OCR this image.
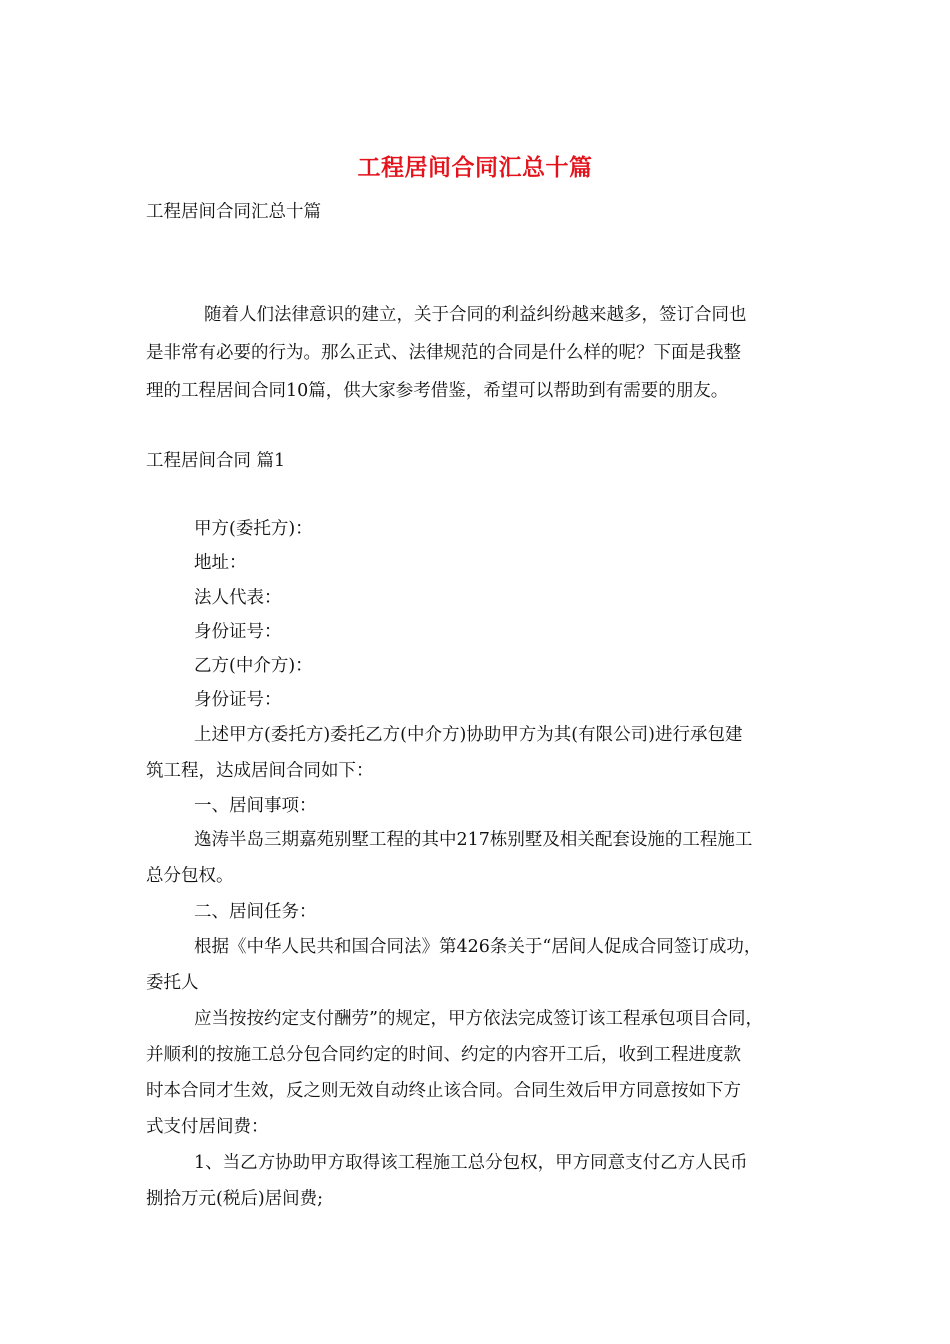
工程居间合同汇总十篇
工程居间合同汇总十篇
随着人们法律意识的建立，关于合同的利益纠纷越来越多，签订合同也
是非常有必要的行为。那么正式、法律规范的合同是什么样的呢？下面是我整
理的工程居间合同10篇，供大家参考借鉴，希望可以帮助到有需要的朋友。
工程居间合同 篇1
甲方(委托方)：
地址：
法人代表：
身份证号：
乙方(中介方)：
身份证号：
上述甲方(委托方)委托乙方(中介方)协助甲方为其(有限公司)进行承包建
筑工程，达成居间合同如下：
一、居间事项：
逸涛半岛三期嘉苑别墅工程的其中217栋别墅及相关配套设施的工程施工
总分包权。
二、居间任务：
根据《中华人民共和国合同法》第426条关于“居间人促成合同签订成功，
委托人
应当按按约定支付酬劳”的规定，甲方依法完成签订该工程承包项目合同，
并顺利的按施工总分包合同约定的时间、约定的内容开工后，收到工程进度款
时本合同才生效，反之则无效自动终止该合同。合同生效后甲方同意按如下方
式支付居间费：
1、当乙方协助甲方取得该工程施工总分包权，甲方同意支付乙方人民币
捌拾万元(税后)居间费;
